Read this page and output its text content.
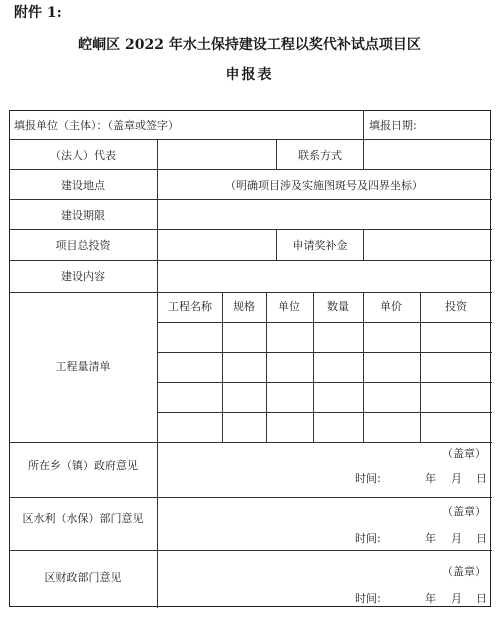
附件 1:
崆峒区 2022 年水土保持建设工程以奖代补试点项目区
申报表
填报单位（主体）：（盖章或签字）	填报日期:
（法人）代表	联系方式
建设地点	（明确项目涉及实施图斑号及四界坐标）
建设期限
项目总投资	申请奖补金
建设内容
工程量清单
工程名称 规格 单位 数量	单价	投资
所在乡（镇）政府意见
（盖章）
时间:	年 月 日
区水利（水保）部门意见
（盖章）
时间:	年 月 日
区财政部门意见	（盖章）
时间:	年 月 日
